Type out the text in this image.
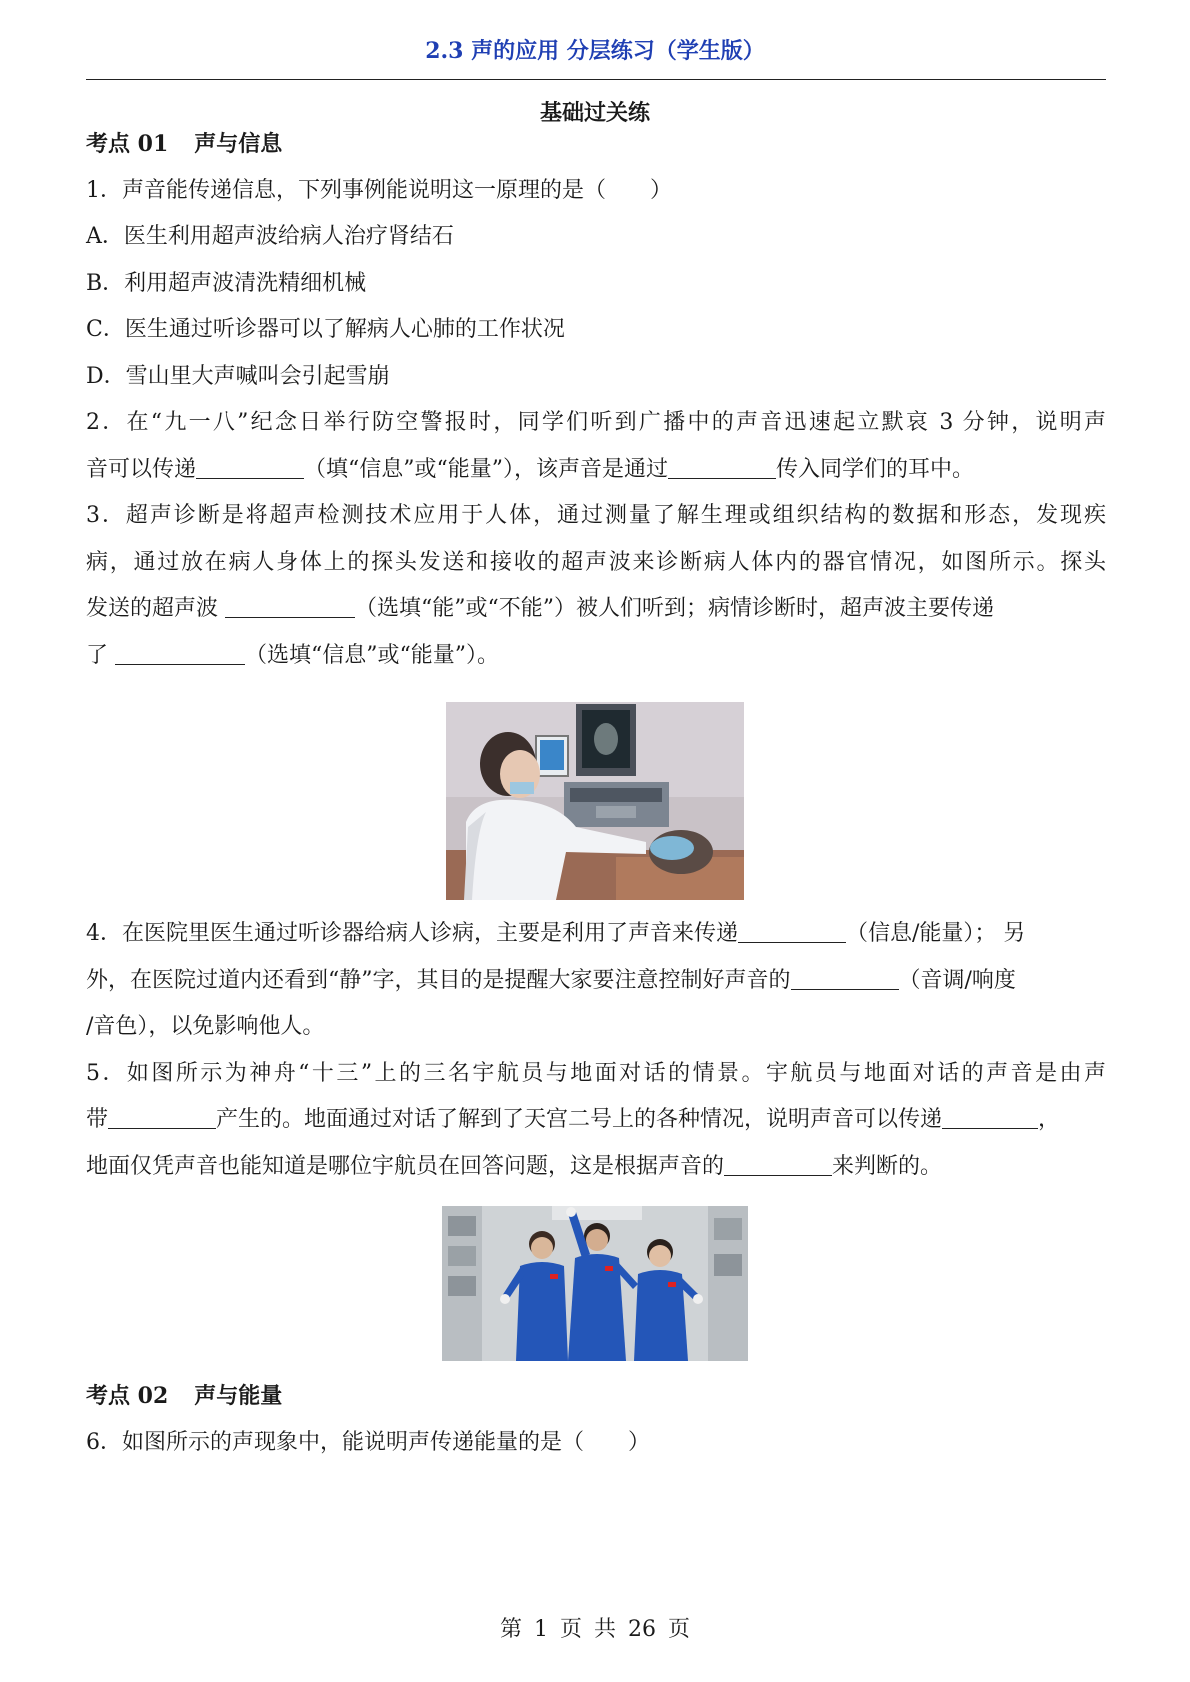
2.3 声的应用 分层练习（学生版）
基础过关练
考点 01 声与信息
1．声音能传递信息，下列事例能说明这一原理的是（　　）
A．医生利用超声波给病人治疗肾结石
B．利用超声波清洗精细机械
C．医生通过听诊器可以了解病人心肺的工作状况
D．雪山里大声喊叫会引起雪崩
2．在“九一八”纪念日举行防空警报时，同学们听到广播中的声音迅速起立默哀 3 分钟，说明声
音可以传递	（填“信息”或“能量”），该声音是通过	传入同学们的耳中。
3．超声诊断是将超声检测技术应用于人体，通过测量了解生理或组织结构的数据和形态，发现疾
病，通过放在病人身体上的探头发送和接收的超声波来诊断病人体内的器官情况，如图所示。探头
发送的超声波	（选填“能”或“不能”）被人们听到；病情诊断时，超声波主要传递
了	（选填“信息”或“能量”）。
4．在医院里医生通过听诊器给病人诊病，主要是利用了声音来传递	（信息/能量）； 另
外，在医院过道内还看到“静”字，其目的是提醒大家要注意控制好声音的	（音调/响度
/音色），以免影响他人。
5．如图所示为神舟“十三”上的三名宇航员与地面对话的情景。宇航员与地面对话的声音是由声
带	产生的。地面通过对话了解到了天宫二号上的各种情况，说明声音可以传递	，
地面仅凭声音也能知道是哪位宇航员在回答问题，这是根据声音的	来判断的。
考点 02 声与能量
6．如图所示的声现象中，能说明声传递能量的是（　　）
第 1 页 共 26 页
